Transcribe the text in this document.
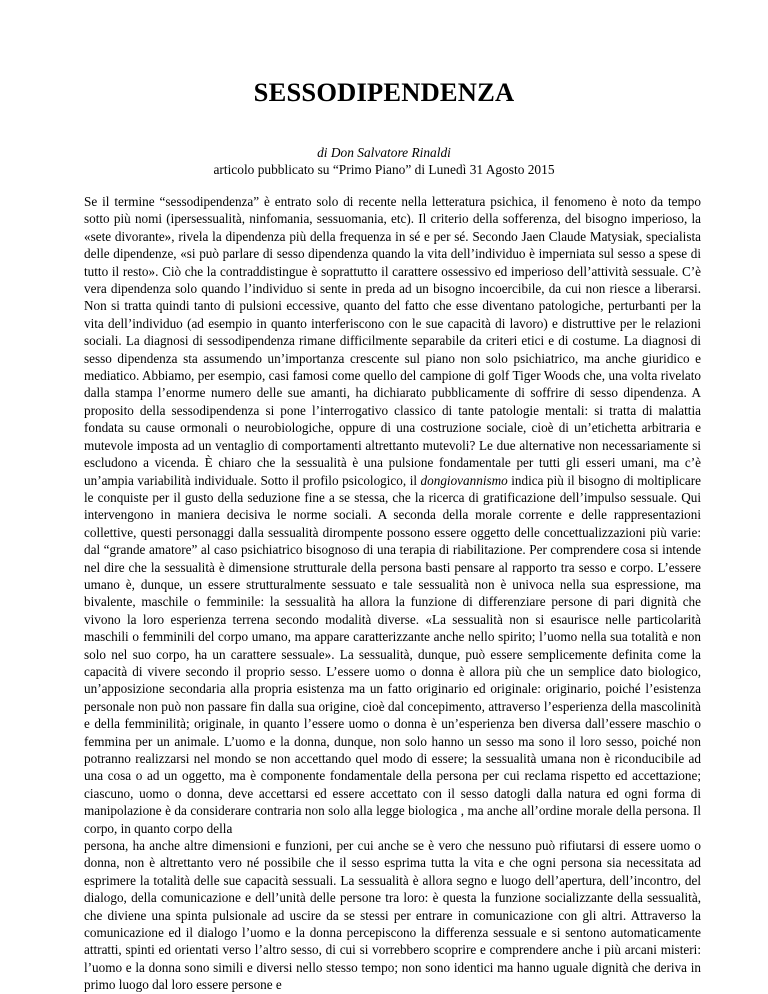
SESSODIPENDENZA
di Don Salvatore Rinaldi
articolo pubblicato su “Primo Piano” di Lunedì 31 Agosto 2015

Se il termine “sessodipendenza” è entrato solo di recente nella letteratura psichica, il fenomeno è noto da tempo sotto più nomi (ipersessualità, ninfomania, sessuomania, etc). Il criterio della sofferenza, del bisogno imperioso, la «sete divorante», rivela la dipendenza più della frequenza in sé e per sé. Secondo Jaen Claude Matysiak, specialista delle dipendenze, «si può parlare di sesso dipendenza quando la vita dell’individuo è imperniata sul sesso a spese di tutto il resto». Ciò che la contraddistingue è soprattutto il carattere ossessivo ed imperioso dell’attività sessuale. C’è vera dipendenza solo quando l’individuo si sente in preda ad un bisogno incoercibile, da cui non riesce a liberarsi. Non si tratta quindi tanto di pulsioni eccessive, quanto del fatto che esse diventano patologiche, perturbanti per la vita dell’individuo (ad esempio in quanto interferiscono con le sue capacità di lavoro) e distruttive per le relazioni sociali. La diagnosi di sessodipendenza rimane difficilmente separabile da criteri etici e di costume. La diagnosi di sesso dipendenza sta assumendo un’importanza crescente sul piano non solo psichiatrico, ma anche giuridico e mediatico. Abbiamo, per esempio, casi famosi come quello del campione di golf Tiger Woods che, una volta rivelato dalla stampa l’enorme numero delle sue amanti, ha dichiarato pubblicamente di soffrire di sesso dipendenza. A proposito della sessodipendenza si pone l’interrogativo classico di tante patologie mentali: si tratta di malattia fondata su cause ormonali o neurobiologiche, oppure di una costruzione sociale, cioè di un’etichetta arbitraria e mutevole imposta ad un ventaglio di comportamenti altrettanto mutevoli? Le due alternative non necessariamente si escludono a vicenda. È chiaro che la sessualità è una pulsione fondamentale per tutti gli esseri umani, ma c’è un’ampia variabilità individuale. Sotto il profilo psicologico, il dongiovannismo indica più il bisogno di moltiplicare le conquiste per il gusto della seduzione fine a se stessa, che la ricerca di gratificazione dell’impulso sessuale. Qui intervengono in maniera decisiva le norme sociali. A seconda della morale corrente e delle rappresentazioni collettive, questi personaggi dalla sessualità dirompente possono essere oggetto delle concettualizzazioni più varie: dal “grande amatore” al caso psichiatrico bisognoso di una terapia di riabilitazione. Per comprendere cosa si intende nel dire che la sessualità è dimensione strutturale della persona basti pensare al rapporto tra sesso e corpo. L’essere umano è, dunque, un essere strutturalmente sessuato e tale sessualità non è univoca nella sua espressione, ma bivalente, maschile o femminile: la sessualità ha allora la funzione di differenziare persone di pari dignità che vivono la loro esperienza terrena secondo modalità diverse. «La sessualità non si esaurisce nelle particolarità maschili o femminili del corpo umano, ma appare caratterizzante anche nello spirito; l’uomo nella sua totalità e non solo nel suo corpo, ha un carattere sessuale». La sessualità, dunque, può essere semplicemente definita come la capacità di vivere secondo il proprio sesso. L’essere uomo o donna è allora più che un semplice dato biologico, un’apposizione secondaria alla propria esistenza ma un fatto originario ed originale: originario, poiché l’esistenza personale non può non passare fin dalla sua origine, cioè dal concepimento, attraverso l’esperienza della mascolinità e della femminilità; originale, in quanto l’essere uomo o donna è un’esperienza ben diversa dall’essere maschio o femmina per un animale. L’uomo e la donna, dunque, non solo hanno un sesso ma sono il loro sesso, poiché non potranno realizzarsi nel mondo se non accettando quel modo di essere; la sessualità umana non è riconducibile ad una cosa o ad un oggetto, ma è componente fondamentale della persona per cui reclama rispetto ed accettazione; ciascuno, uomo o donna, deve accettarsi ed essere accettato con il sesso datogli dalla natura ed ogni forma di manipolazione è da considerare contraria non solo alla legge biologica , ma anche all’ordine morale della persona. Il corpo, in quanto corpo della

persona, ha anche altre dimensioni e funzioni, per cui anche se è vero che nessuno può rifiutarsi di essere uomo o donna, non è altrettanto vero né possibile che il sesso esprima tutta la vita e che ogni persona sia necessitata ad esprimere la totalità delle sue capacità sessuali. La sessualità è allora segno e luogo dell’apertura, dell’incontro, del dialogo, della comunicazione e dell’unità delle persone tra loro: è questa la funzione socializzante della sessualità, che diviene una spinta pulsionale ad uscire da se stessi per entrare in comunicazione con gli altri. Attraverso la comunicazione ed il dialogo l’uomo e la donna percepiscono la differenza sessuale e si sentono automaticamente attratti, spinti ed orientati verso l’altro sesso, di cui si vorrebbero scoprire e comprendere anche i più arcani misteri: l’uomo e la donna sono simili e diversi nello stesso tempo; non sono identici ma hanno uguale dignità che deriva in primo luogo dal loro essere persone e
